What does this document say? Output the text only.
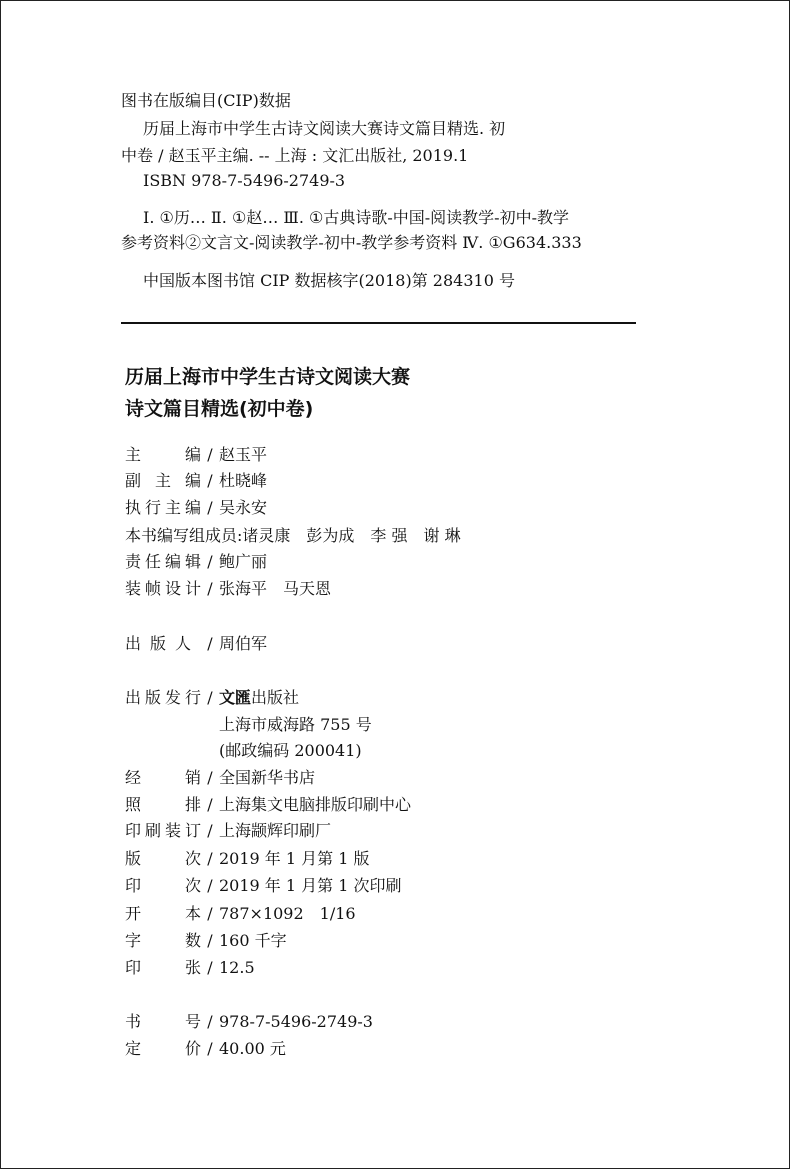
图书在版编目(CIP)数据
历届上海市中学生古诗文阅读大赛诗文篇目精选. 初
中卷 / 赵玉平主编. -- 上海 : 文汇出版社, 2019.1
ISBN 978-7-5496-2749-3
Ⅰ. ①历… Ⅱ. ①赵… Ⅲ. ①古典诗歌-中国-阅读教学-初中-教学
参考资料②文言文-阅读教学-初中-教学参考资料 Ⅳ. ①G634.333
中国版本图书馆 CIP 数据核字(2018)第 284310 号
历届上海市中学生古诗文阅读大赛
诗文篇目精选(初中卷)
主编 / 赵玉平
副主编 / 杜晓峰
执行主编 / 吴永安
本书编写组成员:诸灵康　彭为成　李 强　谢 琳
责任编辑 / 鲍广丽
装帧设计 / 张海平　马天恩
出版人 / 周伯军
出版发行 / 文匯出版社
上海市威海路 755 号
(邮政编码 200041)
经销 / 全国新华书店
照排 / 上海集文电脑排版印刷中心
印刷装订 / 上海颛辉印刷厂
版次 / 2019 年 1 月第 1 版
印次 / 2019 年 1 月第 1 次印刷
开本 / 787×1092　1/16
字数 / 160 千字
印张 / 12.5
书号 / 978-7-5496-2749-3
定价 / 40.00 元
